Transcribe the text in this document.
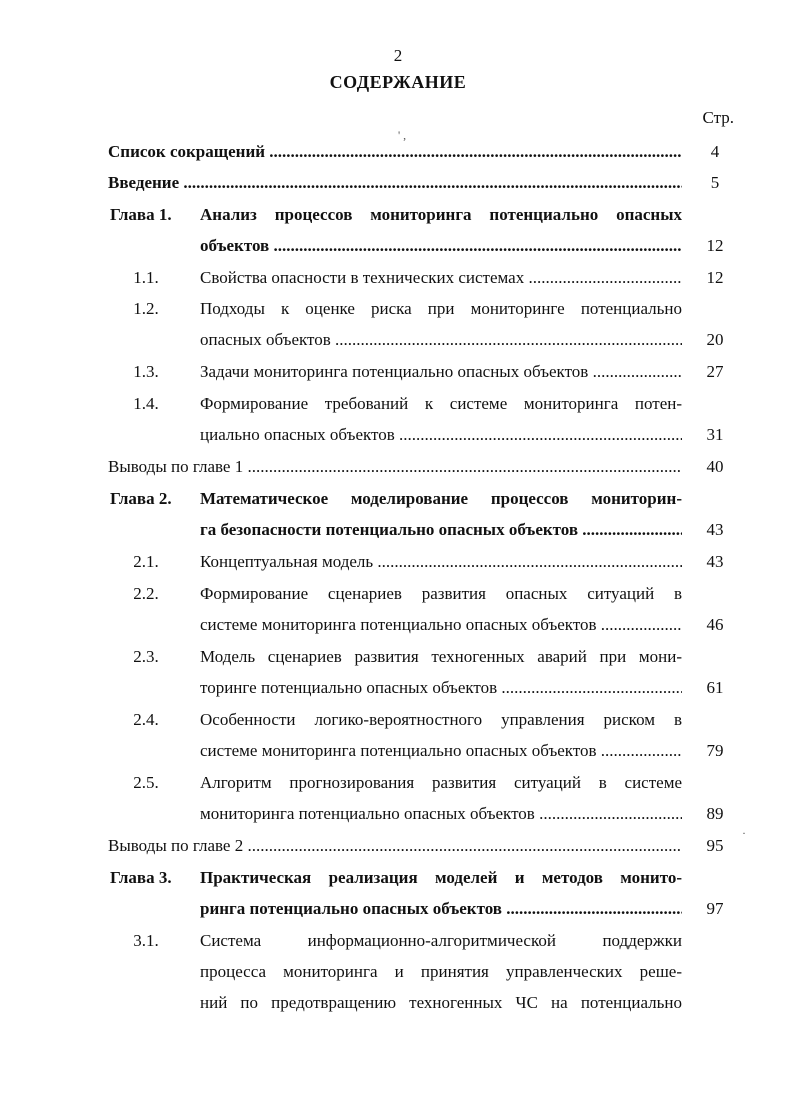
2
СОДЕРЖАНИЕ
Стр.
' ,
Список сокращений .....	4
Введение .....	5
Глава 1.	Анализ процессов мониторинга потенциально опасных
объектов .....	12
1.1.	Свойства опасности в технических системах .....	12
1.2.	Подходы к оценке риска при мониторинге потенциально
опасных объектов .....	20
1.3.	Задачи мониторинга потенциально опасных объектов .....	27
1.4.	Формирование требований к системе мониторинга потен-
циально опасных объектов .....	31
Выводы по главе 1 .....	40
Глава 2.	Математическое моделирование процессов мониторин-
га безопасности потенциально опасных объектов .....	43
2.1.	Концептуальная модель .....	43
2.2.	Формирование сценариев развития опасных ситуаций в
системе мониторинга потенциально опасных объектов .....	46
2.3.	Модель сценариев развития техногенных аварий при мони-
торинге потенциально опасных объектов .....	61
2.4.	Особенности логико-вероятностного управления риском в
системе мониторинга потенциально опасных объектов .....	79
2.5.	Алгоритм прогнозирования развития ситуаций в системе
мониторинга потенциально опасных объектов .....	89
Выводы по главе 2 .....	95
·
Глава 3.	Практическая реализация моделей и методов монито-
ринга потенциально опасных объектов .....	97
3.1.	Система информационно-алгоритмической поддержки
процесса мониторинга и принятия управленческих реше-
ний по предотвращению техногенных ЧС на потенциально
